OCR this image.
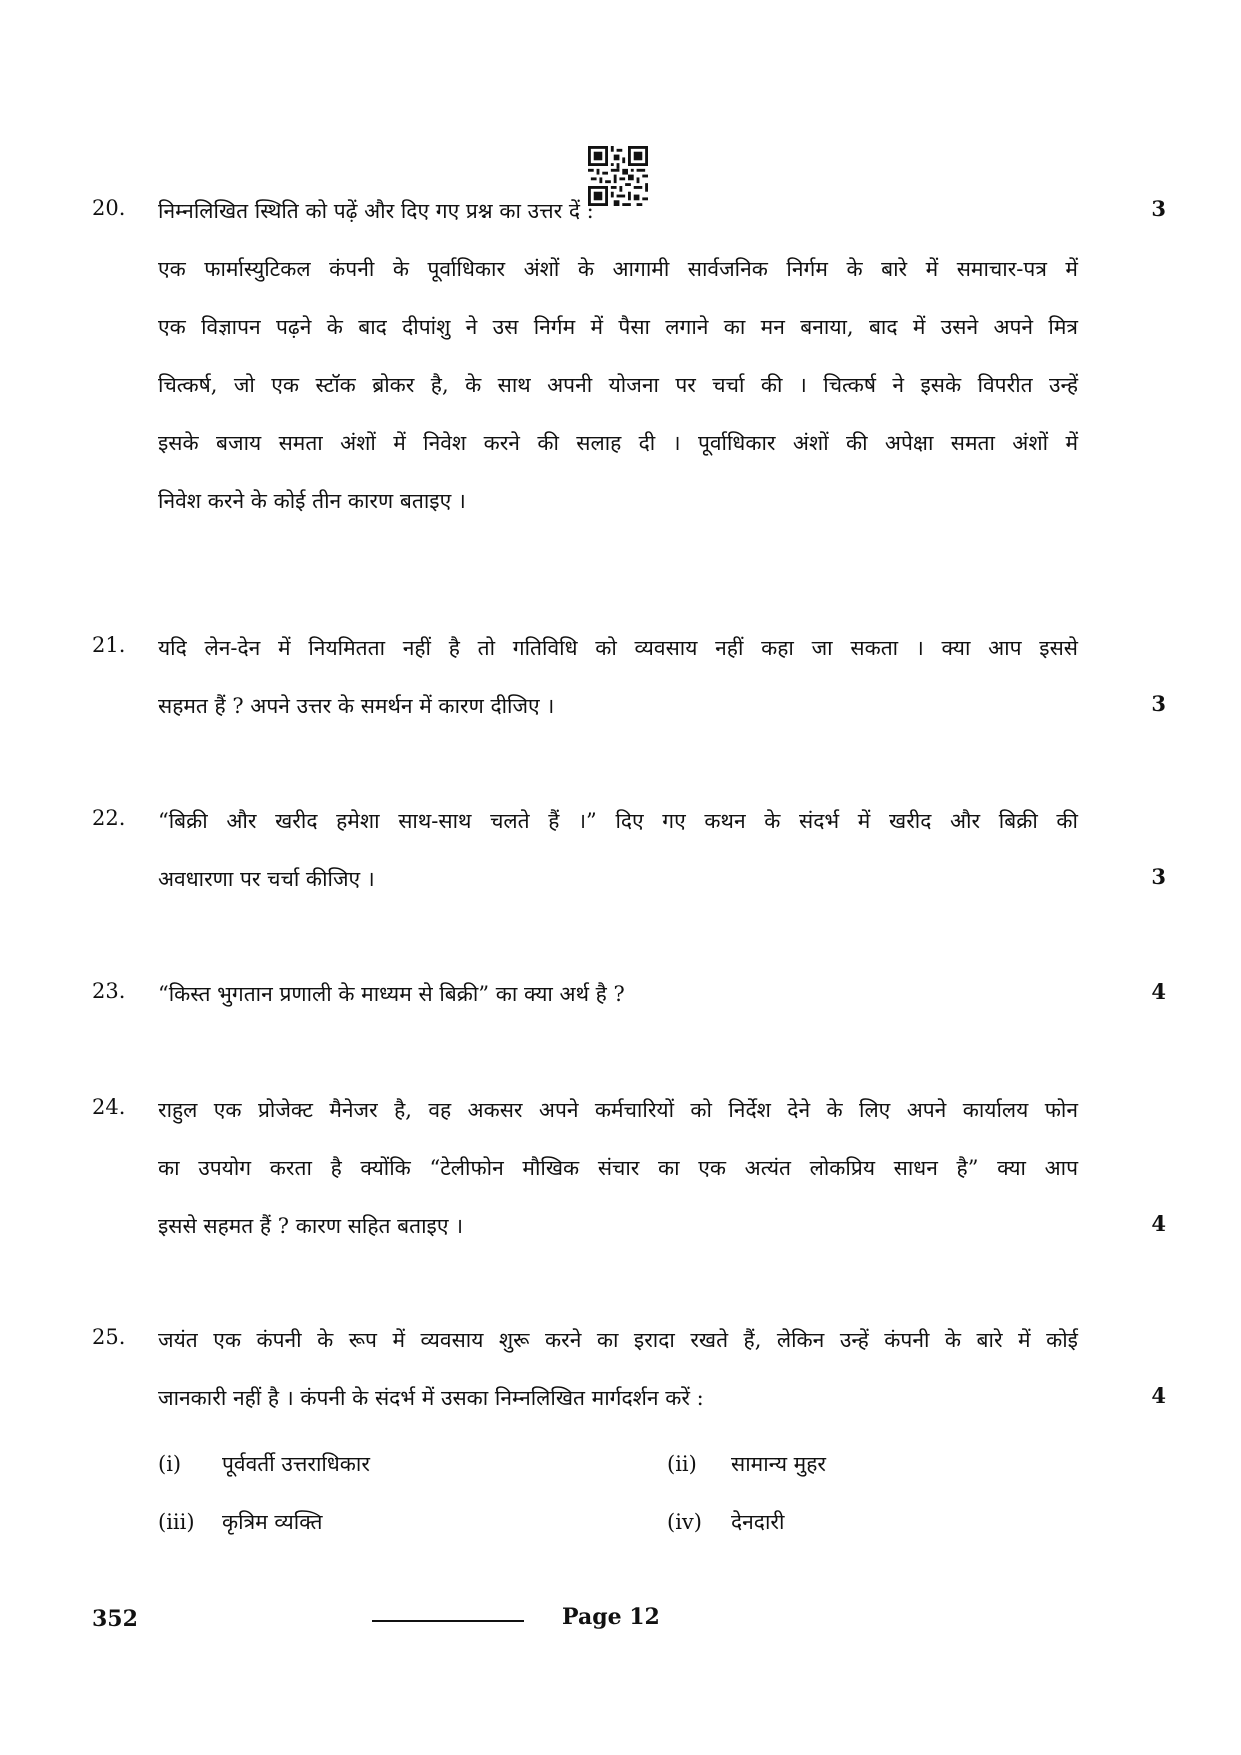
20.	निम्नलिखित स्थिति को पढ़ें और दिए गए प्रश्न का उत्तर दें :
एक फार्मास्युटिकल कंपनी के पूर्वाधिकार अंशों के आगामी सार्वजनिक निर्गम के बारे में समाचार-पत्र में
एक विज्ञापन पढ़ने के बाद दीपांशु ने उस निर्गम में पैसा लगाने का मन बनाया, बाद में उसने अपने मित्र
चित्कर्ष, जो एक स्टॉक ब्रोकर है, के साथ अपनी योजना पर चर्चा की । चित्कर्ष ने इसके विपरीत उन्हें
इसके बजाय समता अंशों में निवेश करने की सलाह दी । पूर्वाधिकार अंशों की अपेक्षा समता अंशों में
निवेश करने के कोई तीन कारण बताइए ।
3
21.	यदि लेन-देन में नियमितता नहीं है तो गतिविधि को व्यवसाय नहीं कहा जा सकता । क्या आप इससे
सहमत हैं ? अपने उत्तर के समर्थन में कारण दीजिए ।	3
22.	“बिक्री और खरीद हमेशा साथ-साथ चलते हैं ।” दिए गए कथन के संदर्भ में खरीद और बिक्री की
अवधारणा पर चर्चा कीजिए ।	3
23.	“किस्त भुगतान प्रणाली के माध्यम से बिक्री” का क्या अर्थ है ?	4
24.	राहुल एक प्रोजेक्ट मैनेजर है, वह अकसर अपने कर्मचारियों को निर्देश देने के लिए अपने कार्यालय फोन
का उपयोग करता है क्योंकि “टेलीफोन मौखिक संचार का एक अत्यंत लोकप्रिय साधन है” क्या आप
इससे सहमत हैं ? कारण सहित बताइए ।	4
25.	जयंत एक कंपनी के रूप में व्यवसाय शुरू करने का इरादा रखते हैं, लेकिन उन्हें कंपनी के बारे में कोई
जानकारी नहीं है । कंपनी के संदर्भ में उसका निम्नलिखित मार्गदर्शन करें :	4
(i) पूर्ववर्ती उत्तराधिकार	(ii) सामान्य मुहर
(iii) कृत्रिम व्यक्ति	(iv) देनदारी
352	Page 12
